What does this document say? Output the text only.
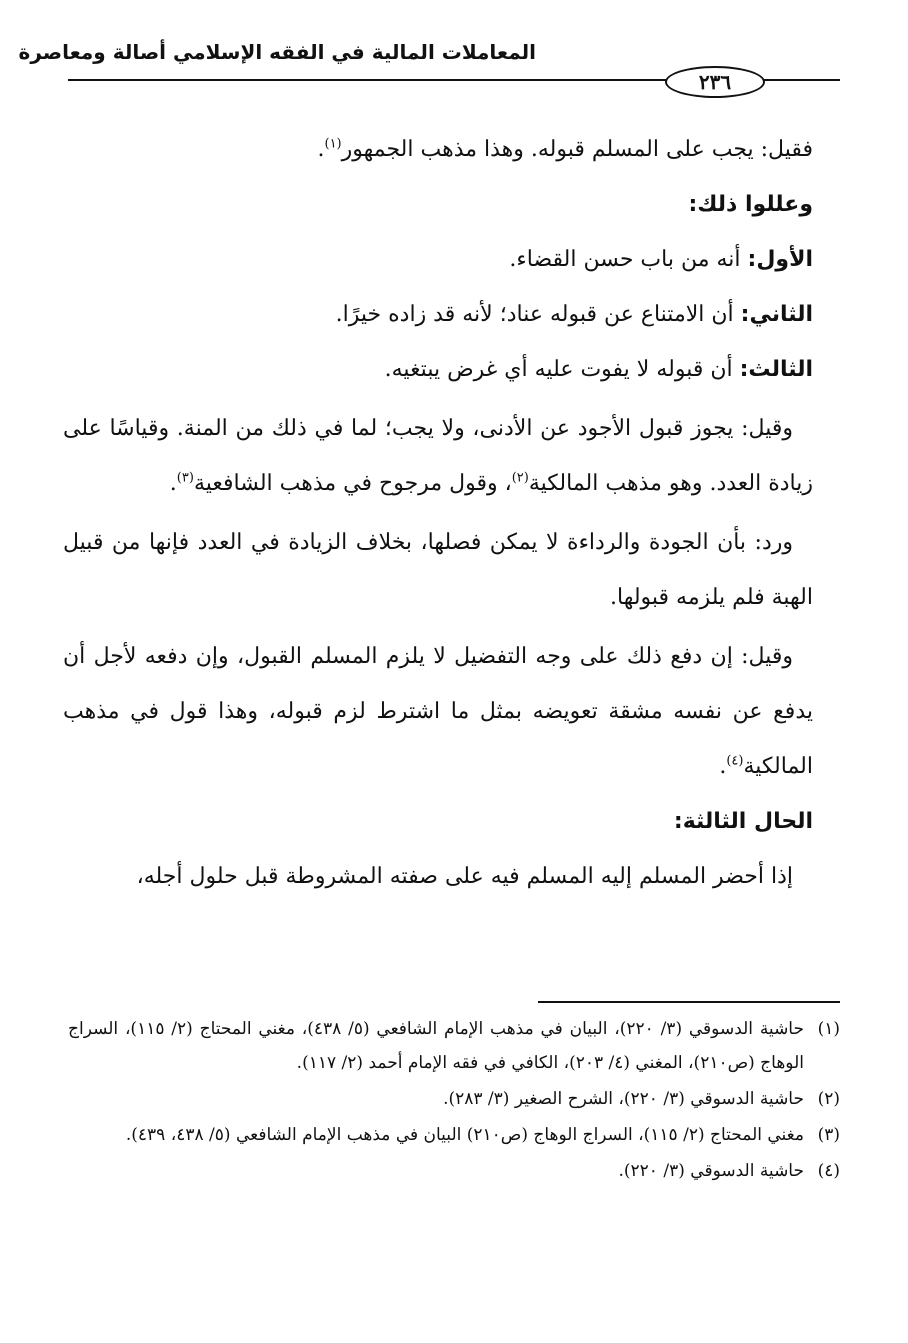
المعاملات المالية في الفقه الإسلامي أصالة ومعاصرة
٢٣٦

فقيل: يجب على المسلم قبوله. وهذا مذهب الجمهور$^{(١)}$.

وعللوا ذلك:

الأول: أنه من باب حسن القضاء.

الثاني: أن الامتناع عن قبوله عناد؛ لأنه قد زاده خيرًا.

الثالث: أن قبوله لا يفوت عليه أي غرض يبتغيه.

وقيل: يجوز قبول الأجود عن الأدنى، ولا يجب؛ لما في ذلك من المنة. وقياسًا على زيادة العدد. وهو مذهب المالكية$^{(٢)}$، وقول مرجوح في مذهب الشافعية$^{(٣)}$.

ورد: بأن الجودة والرداءة لا يمكن فصلها، بخلاف الزيادة في العدد فإنها من قبيل الهبة فلم يلزمه قبولها.

وقيل: إن دفع ذلك على وجه التفضيل لا يلزم المسلم القبول، وإن دفعه لأجل أن يدفع عن نفسه مشقة تعويضه بمثل ما اشترط لزم قبوله، وهذا قول في مذهب المالكية$^{(٤)}$.

الحال الثالثة:

إذا أحضر المسلم إليه المسلم فيه على صفته المشروطة قبل حلول أجله،

(١)
حاشية الدسوقي (٣/ ٢٢٠)، البيان في مذهب الإمام الشافعي (٥/ ٤٣٨)، مغني المحتاج (٢/ ١١٥)، السراج الوهاج (ص٢١٠)، المغني (٤/ ٢٠٣)، الكافي في فقه الإمام أحمد (٢/ ١١٧).
(٢)
حاشية الدسوقي (٣/ ٢٢٠)، الشرح الصغير (٣/ ٢٨٣).
(٣)
مغني المحتاج (٢/ ١١٥)، السراج الوهاج (ص٢١٠) البيان في مذهب الإمام الشافعي (٥/ ٤٣٨، ٤٣٩).
(٤)
حاشية الدسوقي (٣/ ٢٢٠).
